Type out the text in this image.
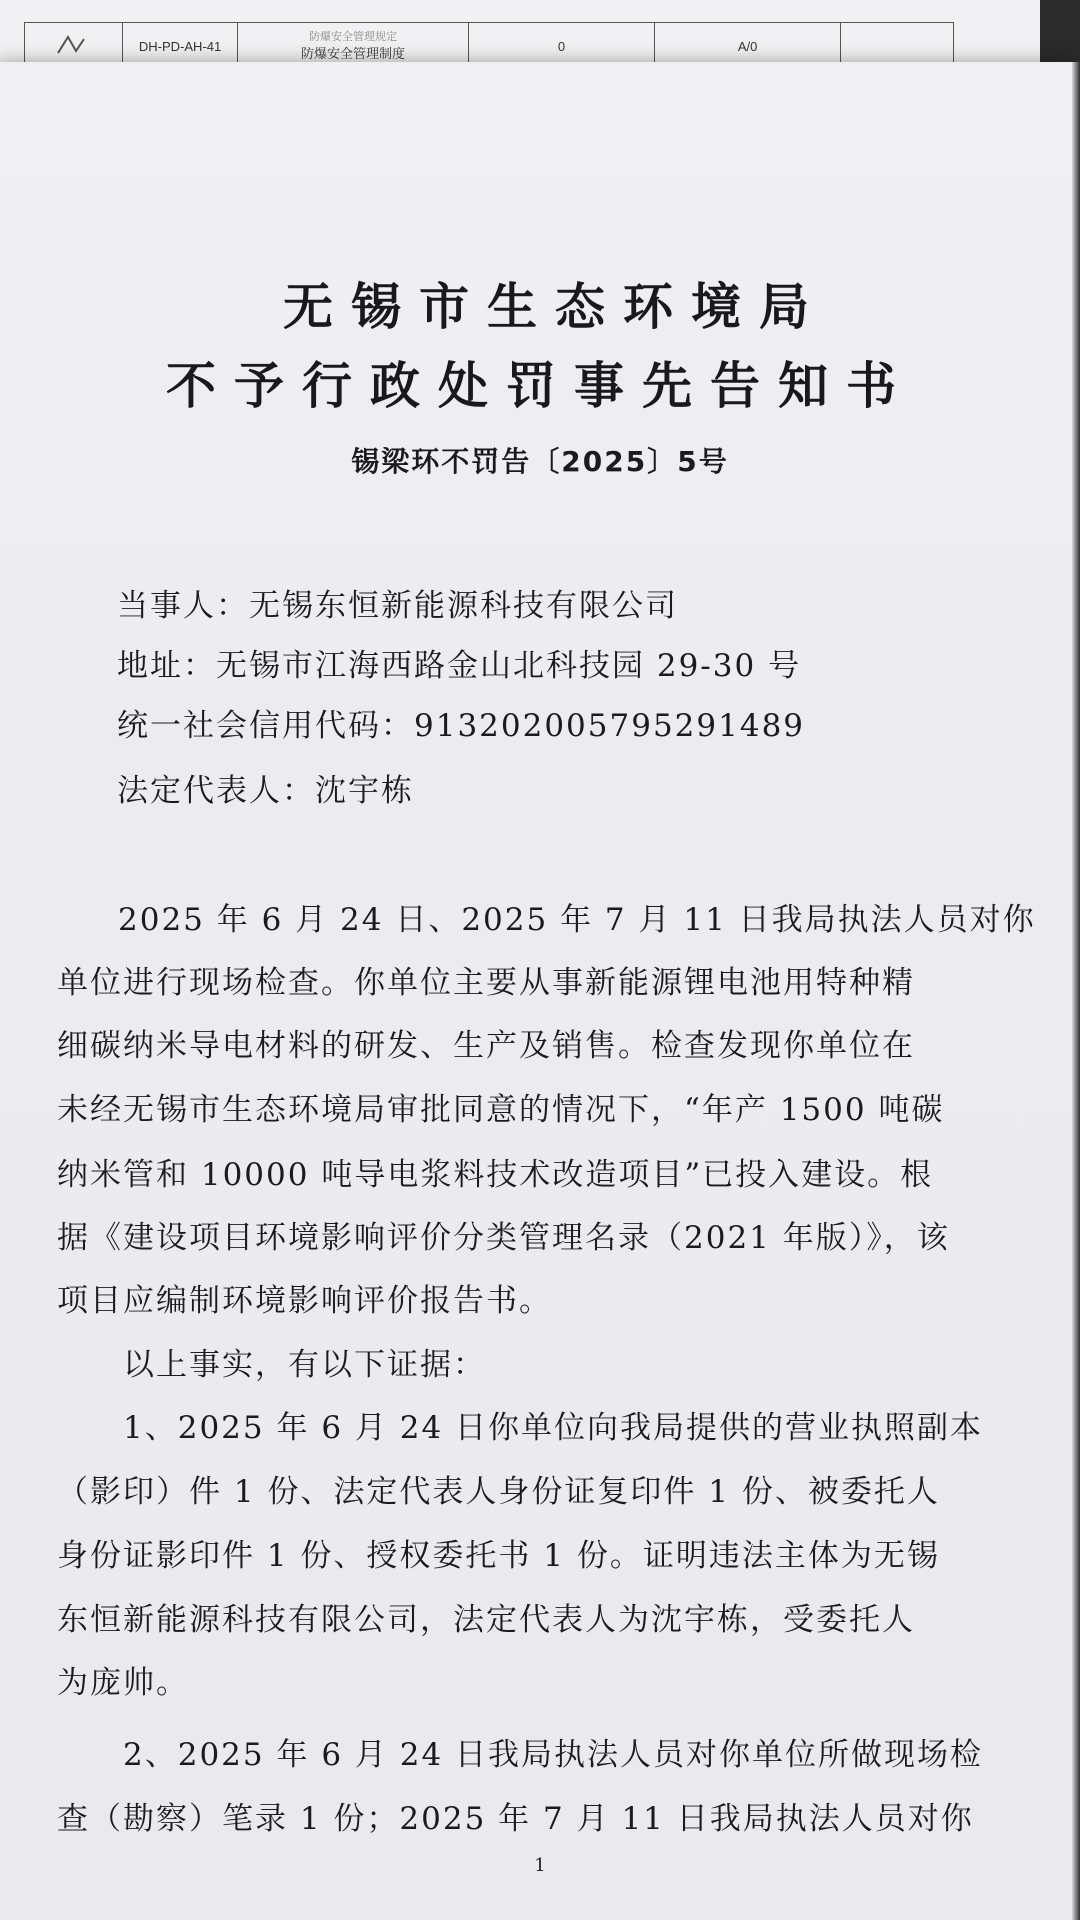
	DH-PD-AH-41	
防爆安全管理规定
防爆安全管理制度	0	A/0	
无锡市生态环境局
不予行政处罚事先告知书

锡梁环不罚告〔2025〕5号

当事人：无锡东恒新能源科技有限公司

地址：无锡市江海西路金山北科技园 29-30 号

统一社会信用代码：913202005795291489

法定代表人：沈宇栋

2025 年 6 月 24 日、2025 年 7 月 11 日我局执法人员对你

单位进行现场检查。你单位主要从事新能源锂电池用特种精

细碳纳米导电材料的研发、生产及销售。检查发现你单位在

未经无锡市生态环境局审批同意的情况下，“年产 1500 吨碳

纳米管和 10000 吨导电浆料技术改造项目”已投入建设。根

据《建设项目环境影响评价分类管理名录（2021 年版）》，该

项目应编制环境影响评价报告书。

以上事实，有以下证据：

1、2025 年 6 月 24 日你单位向我局提供的营业执照副本

（影印）件 1 份、法定代表人身份证复印件 1 份、被委托人

身份证影印件 1 份、授权委托书 1 份。证明违法主体为无锡

东恒新能源科技有限公司，法定代表人为沈宇栋，受委托人

为庞帅。

2、2025 年 6 月 24 日我局执法人员对你单位所做现场检

查（勘察）笔录 1 份；2025 年 7 月 11 日我局执法人员对你

1
